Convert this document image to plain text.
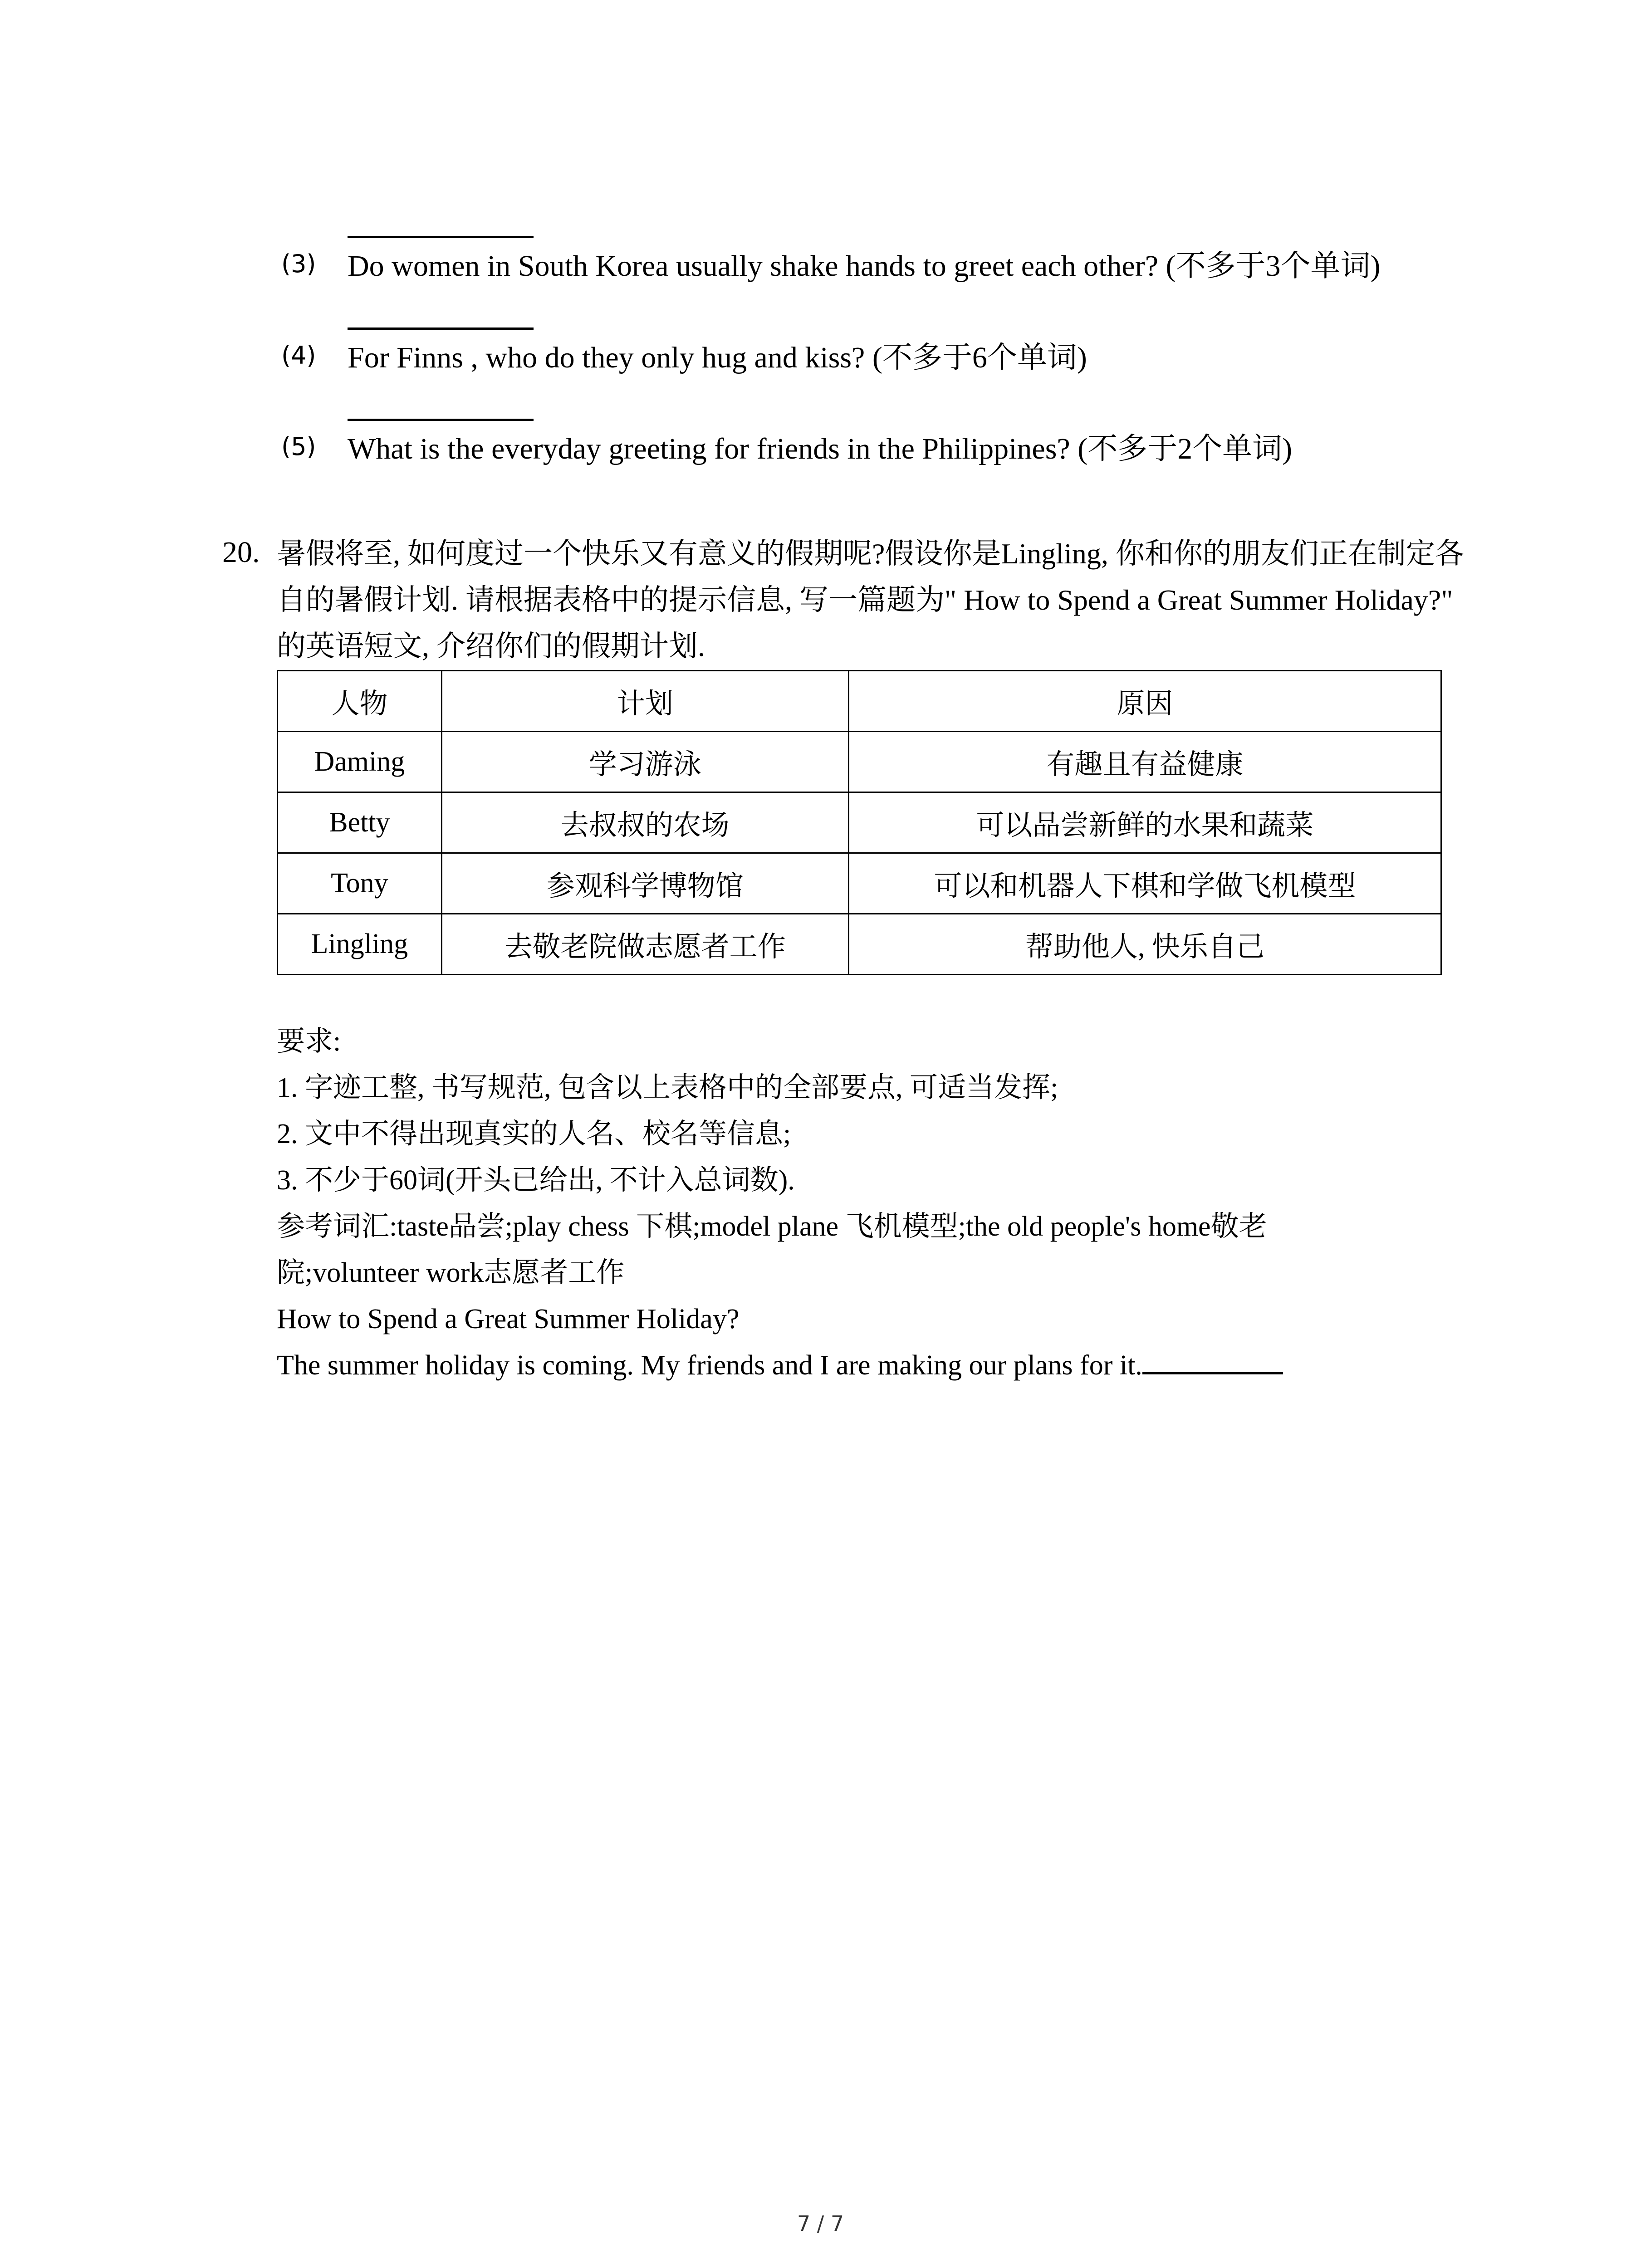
(3) Do women in South Korea usually shake hands to greet each other? (不多于3个单词)
(4) For Finns , who do they only hug and kiss? (不多于6个单词)
(5) What is the everyday greeting for friends in the Philippines? (不多于2个单词)
20. 暑假将至, 如何度过一个快乐又有意义的假期呢?假设你是Lingling, 你和你的朋友们正在制定各自的暑假计划. 请根据表格中的提示信息, 写一篇题为" How to Spend a Great Summer Holiday?" 的英语短文, 介绍你们的假期计划.
人物	计划	原因
Daming	学习游泳	有趣且有益健康
Betty	去叔叔的农场	可以品尝新鲜的水果和蔬菜
Tony	参观科学博物馆	可以和机器人下棋和学做飞机模型
Lingling	去敬老院做志愿者工作	帮助他人, 快乐自己
要求:
1. 字迹工整, 书写规范, 包含以上表格中的全部要点, 可适当发挥;
2. 文中不得出现真实的人名、校名等信息;
3. 不少于60词(开头已给出, 不计入总词数).
参考词汇:taste品尝;play chess 下棋;model plane 飞机模型;the old people's home敬老院;volunteer work志愿者工作
How to Spend a Great Summer Holiday?
The summer holiday is coming. My friends and I are making our plans for it.
7 / 7
